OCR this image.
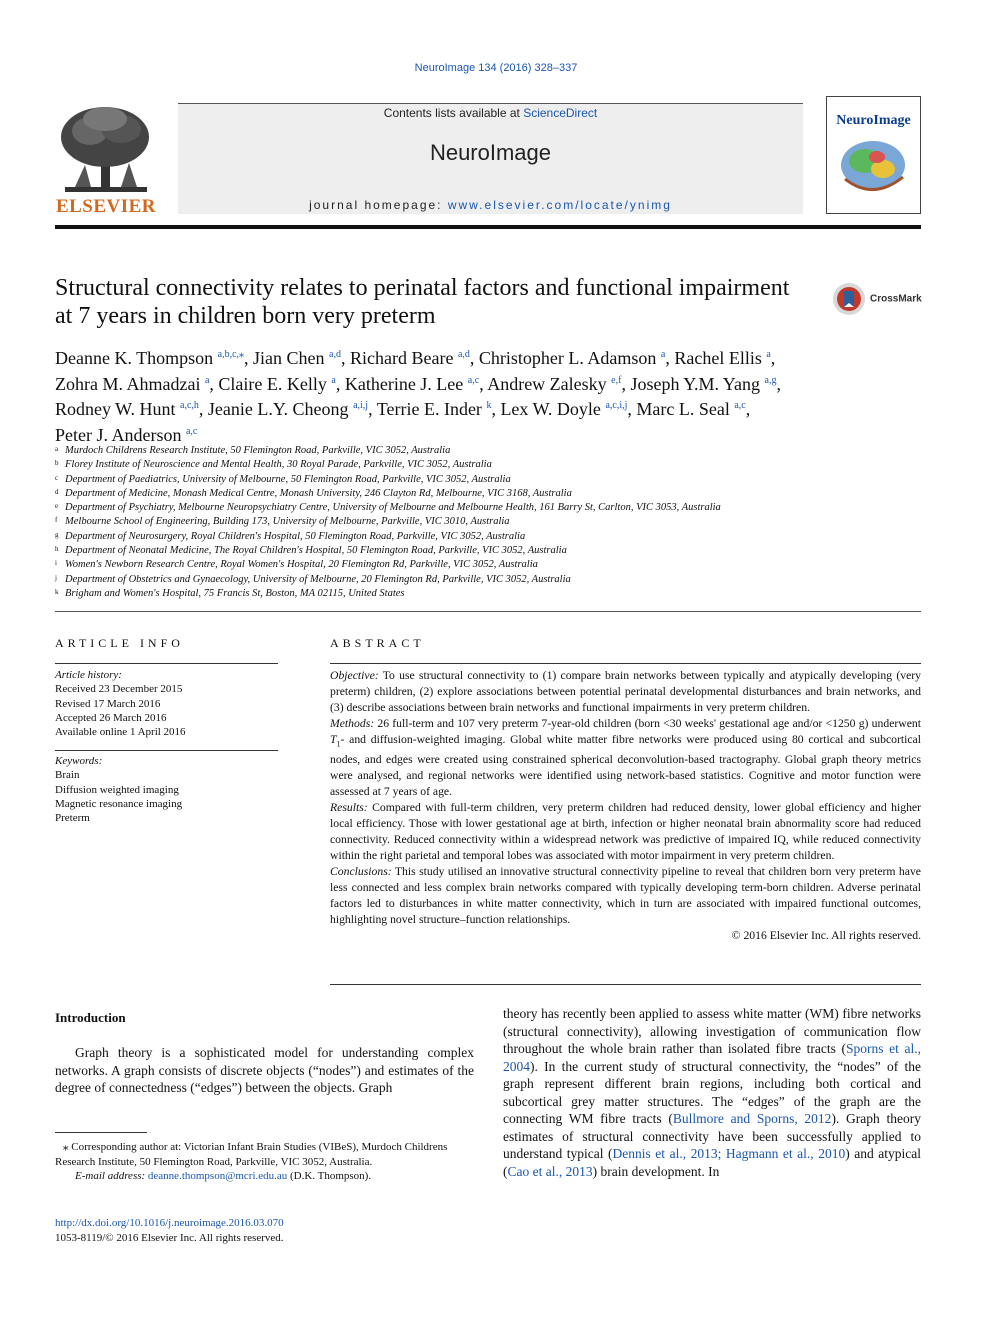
NeuroImage 134 (2016) 328–337
ELSEVIER
Contents lists available at ScienceDirect
NeuroImage
journal homepage: www.elsevier.com/locate/ynimg
NeuroImage
Structural connectivity relates to perinatal factors and functional impairment at 7 years in children born very preterm
CrossMark
Deanne K. Thompson $^{a,b,c,⁎}$, Jian Chen $^{a,d}$, Richard Beare $^{a,d}$, Christopher L. Adamson $^a$, Rachel Ellis $^a$, Zohra M. Ahmadzai $^a$, Claire E. Kelly $^a$, Katherine J. Lee $^{a,c}$, Andrew Zalesky $^{e,f}$, Joseph Y.M. Yang $^{a,g}$, Rodney W. Hunt $^{a,c,h}$, Jeanie L.Y. Cheong $^{a,i,j}$, Terrie E. Inder $^k$, Lex W. Doyle $^{a,c,i,j}$, Marc L. Seal $^{a,c}$, Peter J. Anderson $^{a,c}$
a Murdoch Childrens Research Institute, 50 Flemington Road, Parkville, VIC 3052, Australia
b Florey Institute of Neuroscience and Mental Health, 30 Royal Parade, Parkville, VIC 3052, Australia
c Department of Paediatrics, University of Melbourne, 50 Flemington Road, Parkville, VIC 3052, Australia
d Department of Medicine, Monash Medical Centre, Monash University, 246 Clayton Rd, Melbourne, VIC 3168, Australia
e Department of Psychiatry, Melbourne Neuropsychiatry Centre, University of Melbourne and Melbourne Health, 161 Barry St, Carlton, VIC 3053, Australia
f Melbourne School of Engineering, Building 173, University of Melbourne, Parkville, VIC 3010, Australia
g Department of Neurosurgery, Royal Children's Hospital, 50 Flemington Road, Parkville, VIC 3052, Australia
h Department of Neonatal Medicine, The Royal Children's Hospital, 50 Flemington Road, Parkville, VIC 3052, Australia
i Women's Newborn Research Centre, Royal Women's Hospital, 20 Flemington Rd, Parkville, VIC 3052, Australia
j Department of Obstetrics and Gynaecology, University of Melbourne, 20 Flemington Rd, Parkville, VIC 3052, Australia
k Brigham and Women's Hospital, 75 Francis St, Boston, MA 02115, United States
ARTICLE INFO
Article history:
Received 23 December 2015
Revised 17 March 2016
Accepted 26 March 2016
Available online 1 April 2016
Keywords:
Brain
Diffusion weighted imaging
Magnetic resonance imaging
Preterm
ABSTRACT

Objective: To use structural connectivity to (1) compare brain networks between typically and atypically developing (very preterm) children, (2) explore associations between potential perinatal developmental disturbances and brain networks, and (3) describe associations between brain networks and functional impairments in very preterm children.

Methods: 26 full-term and 107 very preterm 7-year-old children (born <30 weeks' gestational age and/or <1250 g) underwent $T_1-$ and diffusion-weighted imaging. Global white matter fibre networks were produced using 80 cortical and subcortical nodes, and edges were created using constrained spherical deconvolution-based tractography. Global graph theory metrics were analysed, and regional networks were identified using network-based statistics. Cognitive and motor function were assessed at 7 years of age.

Results: Compared with full-term children, very preterm children had reduced density, lower global efficiency and higher local efficiency. Those with lower gestational age at birth, infection or higher neonatal brain abnormality score had reduced connectivity. Reduced connectivity within a widespread network was predictive of impaired IQ, while reduced connectivity within the right parietal and temporal lobes was associated with motor impairment in very preterm children.

Conclusions: This study utilised an innovative structural connectivity pipeline to reveal that children born very preterm have less connected and less complex brain networks compared with typically developing term-born children. Adverse perinatal factors led to disturbances in white matter connectivity, which in turn are associated with impaired functional outcomes, highlighting novel structure–function relationships.

© 2016 Elsevier Inc. All rights reserved.

Introduction
Graph theory is a sophisticated model for understanding complex networks. A graph consists of discrete objects (“nodes”) and estimates of the degree of connectedness (“edges”) between the objects. Graph
theory has recently been applied to assess white matter (WM) fibre networks (structural connectivity), allowing investigation of communication flow throughout the whole brain rather than isolated fibre tracts (Sporns et al., 2004). In the current study of structural connectivity, the “nodes” of the graph represent different brain regions, including both cortical and subcortical grey matter structures. The “edges” of the graph are the connecting WM fibre tracts (Bullmore and Sporns, 2012). Graph theory estimates of structural connectivity have been successfully applied to understand typical (Dennis et al., 2013; Hagmann et al., 2010) and atypical (Cao et al., 2013) brain development. In
⁎ Corresponding author at: Victorian Infant Brain Studies (VIBeS), Murdoch Childrens Research Institute, 50 Flemington Road, Parkville, VIC 3052, Australia.
E-mail address: deanne.thompson@mcri.edu.au (D.K. Thompson).
http://dx.doi.org/10.1016/j.neuroimage.2016.03.070
1053-8119/© 2016 Elsevier Inc. All rights reserved.
